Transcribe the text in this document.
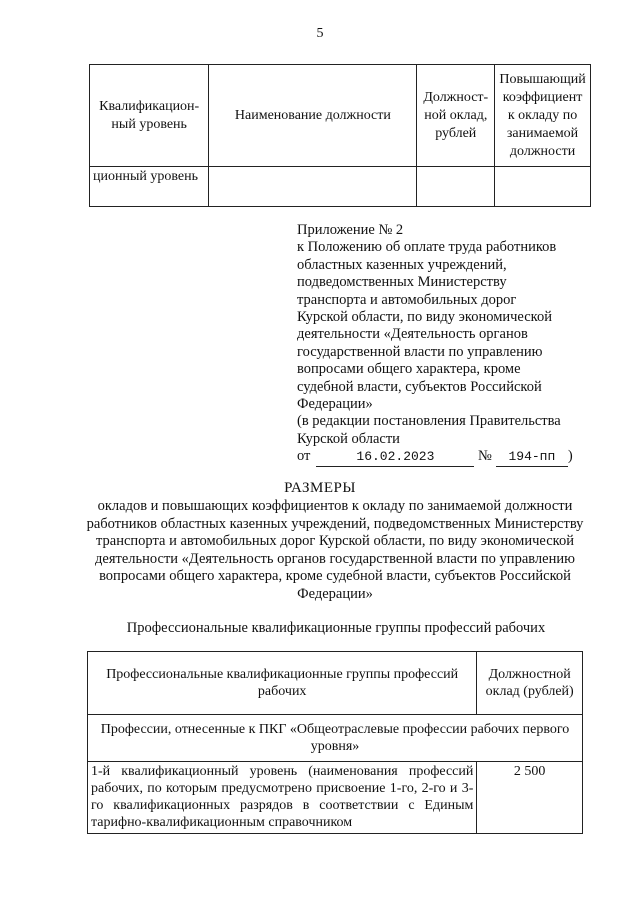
5
Квалификацион-ный уровень	Наименование должности	Должност-ной оклад, рублей	Повышающий коэффициент к окладу по занимаемой должности
ционный уровень			
Приложение № 2
к Положению об оплате труда работников
областных казенных учреждений,
подведомственных Министерству
транспорта и автомобильных дорог
Курской области, по виду экономической
деятельности «Деятельность органов
государственной власти по управлению
вопросами общего характера, кроме
судебной власти, субъектов Российской
Федерации»
(в редакции постановления Правительства
Курской области
от	16.02.2023	№ 194-пп )
РАЗМЕРЫ
окладов и повышающих коэффициентов к окладу по занимаемой должности работников областных казенных учреждений, подведомственных Министерству транспорта и автомобильных дорог Курской области, по виду экономической деятельности «Деятельность органов государственной власти по управлению вопросами общего характера, кроме судебной власти, субъектов Российской Федерации»
Профессиональные квалификационные группы профессий рабочих
Профессиональные квалификационные группы профессий рабочих	Должностной оклад (рублей)
Профессии, отнесенные к ПКГ «Общеотраслевые профессии рабочих первого уровня»	
1-й квалификационный уровень (наименования профессий рабочих, по которым предусмотрено присвоение 1-го, 2-го и 3-го квалификационных разрядов в соответствии с Единым тарифно-квалификационным справочником	2 500
